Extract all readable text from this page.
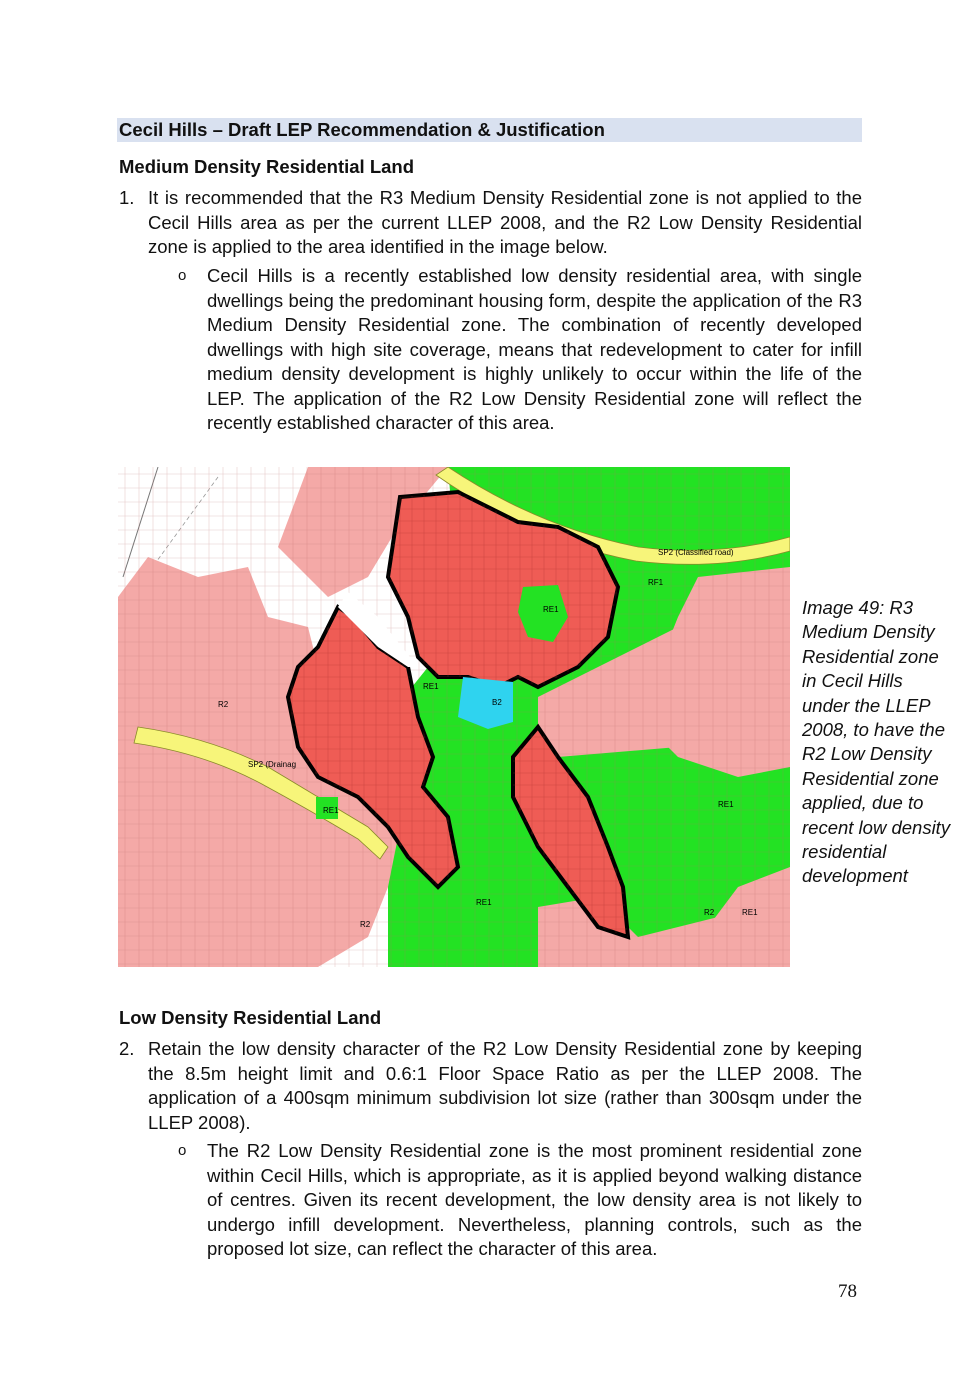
Cecil Hills – Draft LEP Recommendation & Justification
Medium Density Residential Land
1. It is recommended that the R3 Medium Density Residential zone is not applied to the Cecil Hills area as per the current LLEP 2008, and the R2 Low Density Residential zone is applied to the area identified in the image below.
o Cecil Hills is a recently established low density residential area, with single dwellings being the predominant housing form, despite the application of the R3 Medium Density Residential zone. The combination of recently developed dwellings with high site coverage, means that redevelopment to cater for infill medium density development is highly unlikely to occur within the life of the LEP. The application of the R2 Low Density Residential zone will reflect the recently established character of this area.
RE1
RE1
RE1
RE1
RE1
RE1
B2
SP2 (Classified road)
SP2 (Drainag
RF1
R2
R2
R2
Image 49: R3 Medium Density Residential zone in Cecil Hills under the LLEP 2008, to have the R2 Low Density Residential zone applied, due to recent low density residential development
Low Density Residential Land
2. Retain the low density character of the R2 Low Density Residential zone by keeping the 8.5m height limit and 0.6:1 Floor Space Ratio as per the LLEP 2008. The application of a 400sqm minimum subdivision lot size (rather than 300sqm under the LLEP 2008).
o The R2 Low Density Residential zone is the most prominent residential zone within Cecil Hills, which is appropriate, as it is applied beyond walking distance of centres. Given its recent development, the low density area is not likely to undergo infill development. Nevertheless, planning controls, such as the proposed lot size, can reflect the character of this area.
78
